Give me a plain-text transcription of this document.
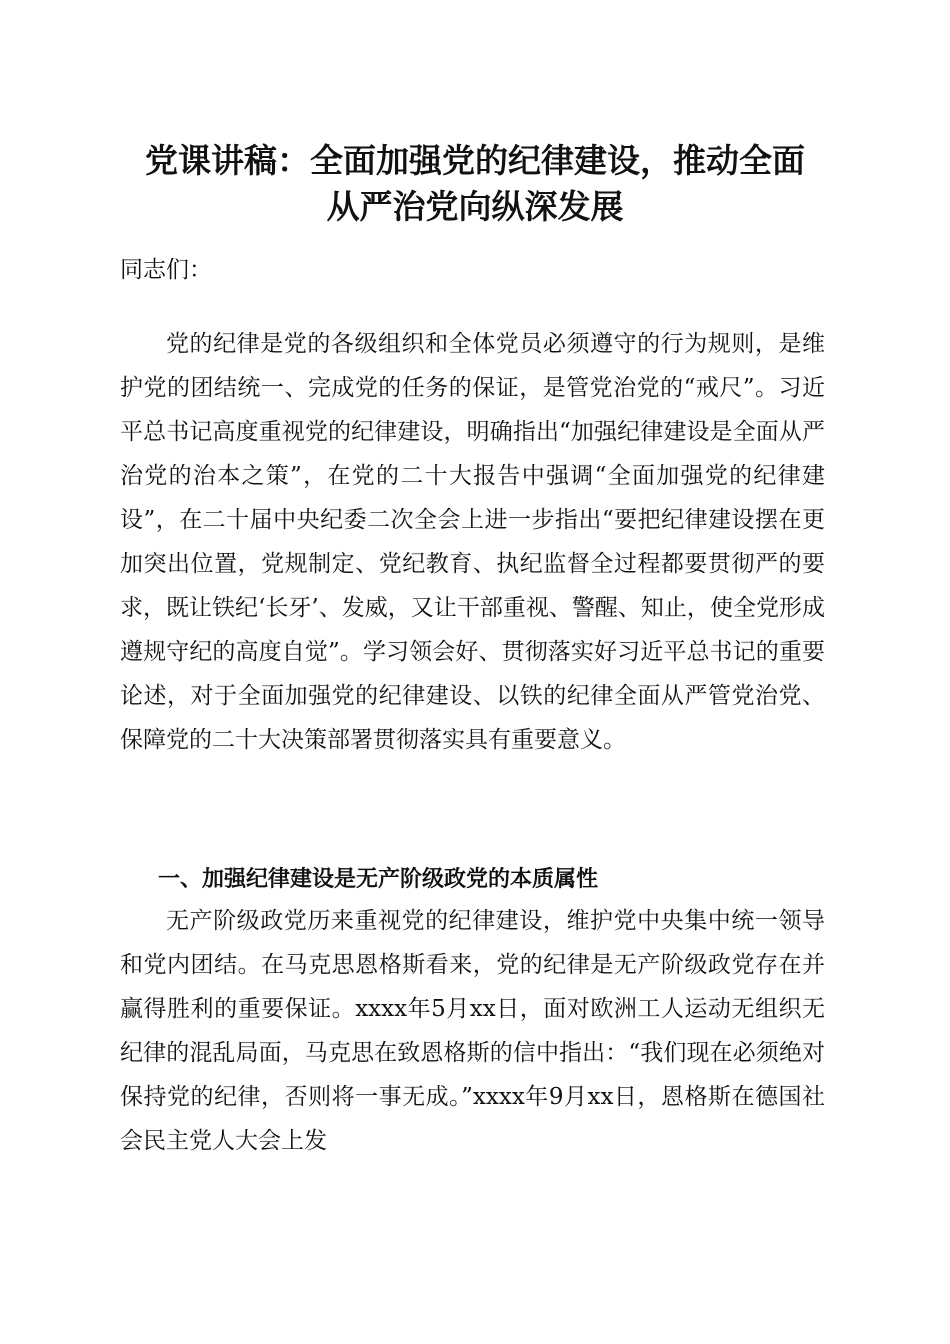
党课讲稿：全面加强党的纪律建设，推动全面
从严治党向纵深发展

同志们：

党的纪律是党的各级组织和全体党员必须遵守的行为规则，是维护党的团结统一、完成党的任务的保证，是管党治党的“戒尺”。习近平总书记高度重视党的纪律建设，明确指出“加强纪律建设是全面从严治党的治本之策”，在党的二十大报告中强调“全面加强党的纪律建设”，在二十届中央纪委二次全会上进一步指出“要把纪律建设摆在更加突出位置，党规制定、党纪教育、执纪监督全过程都要贯彻严的要求，既让铁纪‘长牙’、发威，又让干部重视、警醒、知止，使全党形成遵规守纪的高度自觉”。学习领会好、贯彻落实好习近平总书记的重要论述，对于全面加强党的纪律建设、以铁的纪律全面从严管党治党、保障党的二十大决策部署贯彻落实具有重要意义。

一、加强纪律建设是无产阶级政党的本质属性

无产阶级政党历来重视党的纪律建设，维护党中央集中统一领导和党内团结。在马克思恩格斯看来，党的纪律是无产阶级政党存在并赢得胜利的重要保证。xxxx年5月xx日，面对欧洲工人运动无组织无纪律的混乱局面，马克思在致恩格斯的信中指出：“我们现在必须绝对保持党的纪律，否则将一事无成。”xxxx年9月xx日，恩格斯在德国社会民主党人大会上发
